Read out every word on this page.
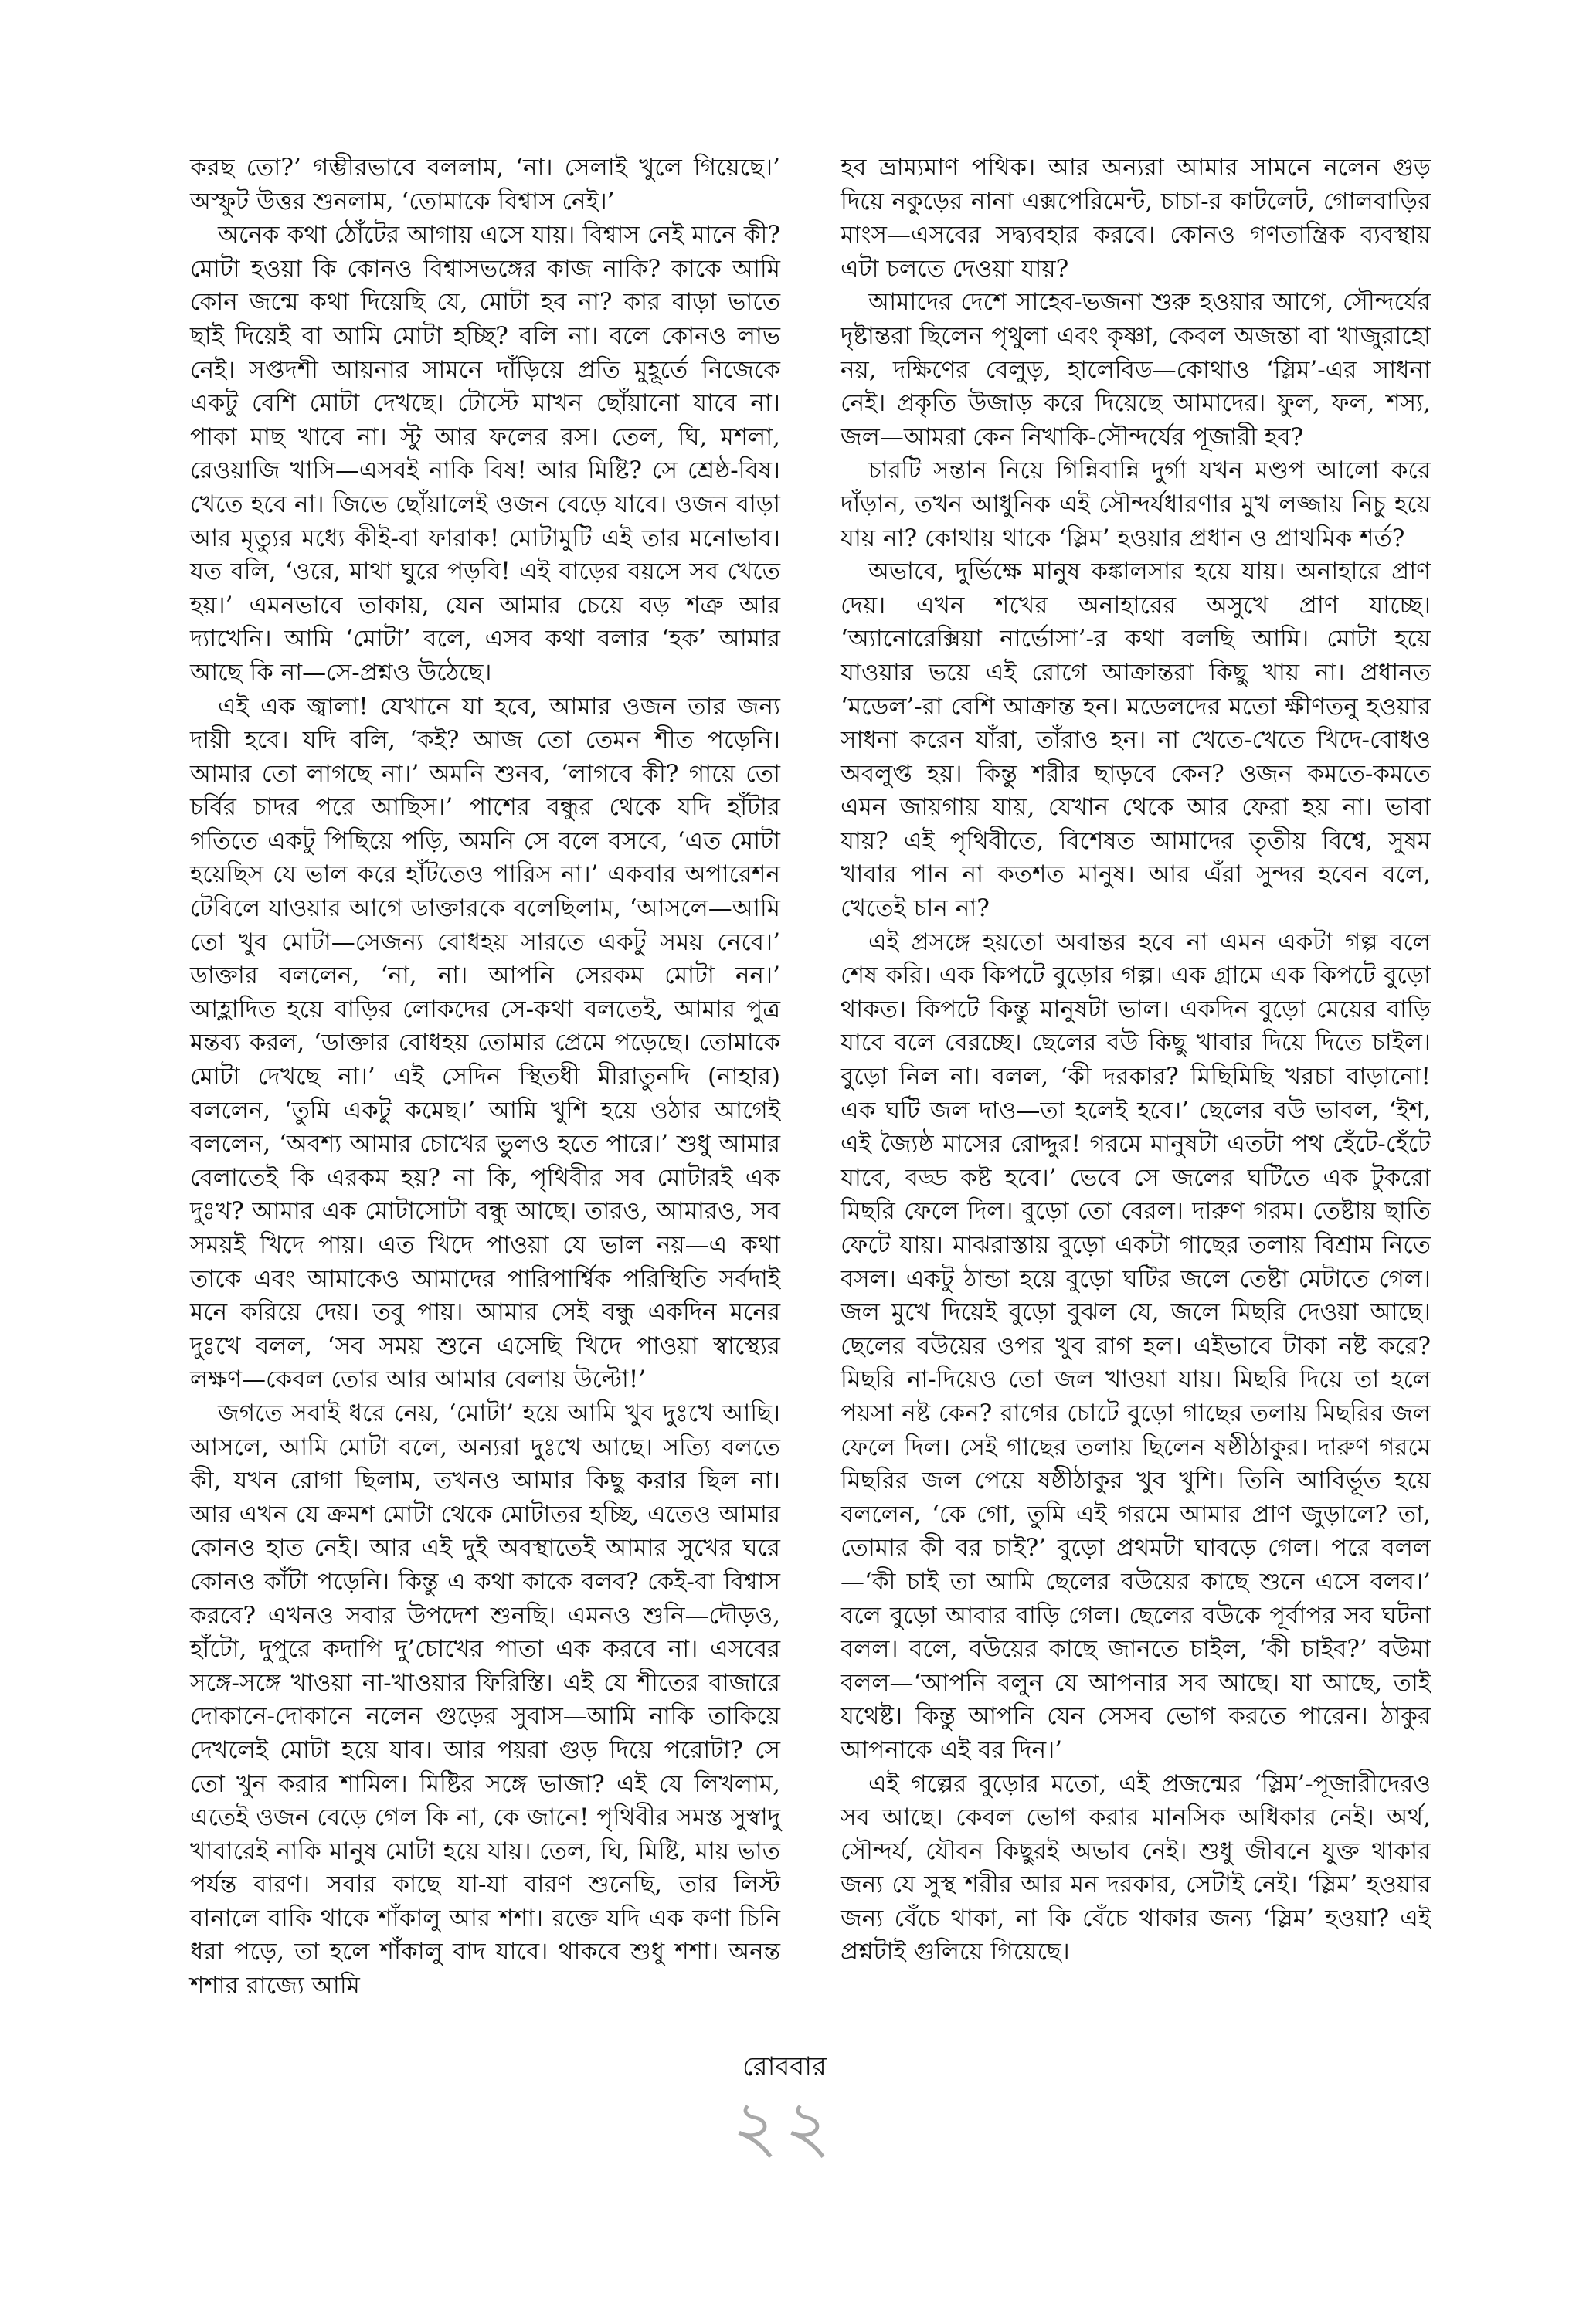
করছ তো?’ গম্ভীরভাবে বললাম, ‘না। সেলাই খুলে গিয়েছে।’ অস্ফুট উত্তর শুনলাম, ‘তোমাকে বিশ্বাস নেই।’

অনেক কথা ঠোঁটের আগায় এসে যায়। বিশ্বাস নেই মানে কী? মোটা হওয়া কি কোনও বিশ্বাসভঙ্গের কাজ নাকি? কাকে আমি কোন জন্মে কথা দিয়েছি যে, মোটা হব না? কার বাড়া ভাতে ছাই দিয়েই বা আমি মোটা হচ্ছি? বলি না। বলে কোনও লাভ নেই। সপ্তদশী আয়নার সামনে দাঁড়িয়ে প্রতি মুহূর্তে নিজেকে একটু বেশি মোটা দেখছে। টোস্টে মাখন ছোঁয়ানো যাবে না। পাকা মাছ খাবে না। স্টু আর ফলের রস। তেল, ঘি, মশলা, রেওয়াজি খাসি—এসবই নাকি বিষ! আর মিষ্টি? সে শ্রেষ্ঠ-বিষ। খেতে হবে না। জিভে ছোঁয়ালেই ওজন বেড়ে যাবে। ওজন বাড়া আর মৃত্যুর মধ্যে কীই-বা ফারাক! মোটামুটি এই তার মনোভাব। যত বলি, ‘ওরে, মাথা ঘুরে পড়বি! এই বাড়ের বয়সে সব খেতে হয়।’ এমনভাবে তাকায়, যেন আমার চেয়ে বড় শত্রু আর দ্যাখেনি। আমি ‘মোটা’ বলে, এসব কথা বলার ‘হক’ আমার আছে কি না—সে-প্রশ্নও উঠেছে।

এই এক জ্বালা! যেখানে যা হবে, আমার ওজন তার জন্য দায়ী হবে। যদি বলি, ‘কই? আজ তো তেমন শীত পড়েনি। আমার তো লাগছে না।’ অমনি শুনব, ‘লাগবে কী? গায়ে তো চর্বির চাদর পরে আছিস।’ পাশের বন্ধুর থেকে যদি হাঁটার গতিতে একটু পিছিয়ে পড়ি, অমনি সে বলে বসবে, ‘এত মোটা হয়েছিস যে ভাল করে হাঁটতেও পারিস না।’ একবার অপারেশন টেবিলে যাওয়ার আগে ডাক্তারকে বলেছিলাম, ‘আসলে—আমি তো খুব মোটা—সেজন্য বোধহয় সারতে একটু সময় নেবে।’ ডাক্তার বললেন, ‘না, না। আপনি সেরকম মোটা নন।’ আহ্লাদিত হয়ে বাড়ির লোকদের সে-কথা বলতেই, আমার পুত্র মন্তব্য করল, ‘ডাক্তার বোধহয় তোমার প্রেমে পড়েছে। তোমাকে মোটা দেখছে না।’ এই সেদিন স্থিতধী মীরাতুনদি (নাহার) বললেন, ‘তুমি একটু কমেছ।’ আমি খুশি হয়ে ওঠার আগেই বললেন, ‘অবশ্য আমার চোখের ভুলও হতে পারে।’ শুধু আমার বেলাতেই কি এরকম হয়? না কি, পৃথিবীর সব মোটারই এক দুঃখ? আমার এক মোটাসোটা বন্ধু আছে। তারও, আমারও, সব সময়ই খিদে পায়। এত খিদে পাওয়া যে ভাল নয়—এ কথা তাকে এবং আমাকেও আমাদের পারিপার্শ্বিক পরিস্থিতি সর্বদাই মনে করিয়ে দেয়। তবু পায়। আমার সেই বন্ধু একদিন মনের দুঃখে বলল, ‘সব সময় শুনে এসেছি খিদে পাওয়া স্বাস্থ্যের লক্ষণ—কেবল তোর আর আমার বেলায় উল্টো!’

জগতে সবাই ধরে নেয়, ‘মোটা’ হয়ে আমি খুব দুঃখে আছি। আসলে, আমি মোটা বলে, অন্যরা দুঃখে আছে। সত্যি বলতে কী, যখন রোগা ছিলাম, তখনও আমার কিছু করার ছিল না। আর এখন যে ক্রমশ মোটা থেকে মোটাতর হচ্ছি, এতেও আমার কোনও হাত নেই। আর এই দুই অবস্থাতেই আমার সুখের ঘরে কোনও কাঁটা পড়েনি। কিন্তু এ কথা কাকে বলব? কেই-বা বিশ্বাস করবে? এখনও সবার উপদেশ শুনছি। এমনও শুনি—দৌড়ও, হাঁটো, দুপুরে কদাপি দু’চোখের পাতা এক করবে না। এসবের সঙ্গে-সঙ্গে খাওয়া না-খাওয়ার ফিরিস্তি। এই যে শীতের বাজারে দোকানে-দোকানে নলেন গুড়ের সুবাস—আমি নাকি তাকিয়ে দেখলেই মোটা হয়ে যাব। আর পয়রা গুড় দিয়ে পরোটা? সে তো খুন করার শামিল। মিষ্টির সঙ্গে ভাজা? এই যে লিখলাম, এতেই ওজন বেড়ে গেল কি না, কে জানে! পৃথিবীর সমস্ত সুস্বাদু খাবারেই নাকি মানুষ মোটা হয়ে যায়। তেল, ঘি, মিষ্টি, মায় ভাত পর্যন্ত বারণ। সবার কাছে যা-যা বারণ শুনেছি, তার লিস্ট বানালে বাকি থাকে শাঁকালু আর শশা। রক্তে যদি এক কণা চিনি ধরা পড়ে, তা হলে শাঁকালু বাদ যাবে। থাকবে শুধু শশা। অনন্ত শশার রাজ্যে আমি

হব ভ্রাম্যমাণ পথিক। আর অন্যরা আমার সামনে নলেন গুড় দিয়ে নকুড়ের নানা এক্সপেরিমেন্ট, চাচা-র কাটলেট, গোলবাড়ির মাংস—এসবের সদ্ব্যবহার করবে। কোনও গণতান্ত্রিক ব্যবস্থায় এটা চলতে দেওয়া যায়?

আমাদের দেশে সাহেব-ভজনা শুরু হওয়ার আগে, সৌন্দর্যের দৃষ্টান্তরা ছিলেন পৃথুলা এবং কৃষ্ণা, কেবল অজন্তা বা খাজুরাহো নয়, দক্ষিণের বেলুড়, হালেবিড—কোথাও ‘স্লিম’-এর সাধনা নেই। প্রকৃতি উজাড় করে দিয়েছে আমাদের। ফুল, ফল, শস্য, জল—আমরা কেন নিখাকি-সৌন্দর্যের পূজারী হব?

চারটি সন্তান নিয়ে গিন্নিবান্নি দুর্গা যখন মণ্ডপ আলো করে দাঁড়ান, তখন আধুনিক এই সৌন্দর্যধারণার মুখ লজ্জায় নিচু হয়ে যায় না? কোথায় থাকে ‘স্লিম’ হওয়ার প্রধান ও প্রাথমিক শর্ত?

অভাবে, দুর্ভিক্ষে মানুষ কঙ্কালসার হয়ে যায়। অনাহারে প্রাণ দেয়। এখন শখের অনাহারের অসুখে প্রাণ যাচ্ছে। ‘অ্যানোরেক্সিয়া নার্ভোসা’-র কথা বলছি আমি। মোটা হয়ে যাওয়ার ভয়ে এই রোগে আক্রান্তরা কিছু খায় না। প্রধানত ‘মডেল’-রা বেশি আক্রান্ত হন। মডেলদের মতো ক্ষীণতনু হওয়ার সাধনা করেন যাঁরা, তাঁরাও হন। না খেতে-খেতে খিদে-বোধও অবলুপ্ত হয়। কিন্তু শরীর ছাড়বে কেন? ওজন কমতে-কমতে এমন জায়গায় যায়, যেখান থেকে আর ফেরা হয় না। ভাবা যায়? এই পৃথিবীতে, বিশেষত আমাদের তৃতীয় বিশ্বে, সুষম খাবার পান না কতশত মানুষ। আর এঁরা সুন্দর হবেন বলে, খেতেই চান না?

এই প্রসঙ্গে হয়তো অবান্তর হবে না এমন একটা গল্প বলে শেষ করি। এক কিপটে বুড়োর গল্প। এক গ্রামে এক কিপটে বুড়ো থাকত। কিপটে কিন্তু মানুষটা ভাল। একদিন বুড়ো মেয়ের বাড়ি যাবে বলে বেরচ্ছে। ছেলের বউ কিছু খাবার দিয়ে দিতে চাইল। বুড়ো নিল না। বলল, ‘কী দরকার? মিছিমিছি খরচা বাড়ানো! এক ঘটি জল দাও—তা হলেই হবে।’ ছেলের বউ ভাবল, ‘ইশ, এই জ্যৈষ্ঠ মাসের রোদ্দুর! গরমে মানুষটা এতটা পথ হেঁটে-হেঁটে যাবে, বড্ড কষ্ট হবে।’ ভেবে সে জলের ঘটিতে এক টুকরো মিছরি ফেলে দিল। বুড়ো তো বেরল। দারুণ গরম। তেষ্টায় ছাতি ফেটে যায়। মাঝরাস্তায় বুড়ো একটা গাছের তলায় বিশ্রাম নিতে বসল। একটু ঠান্ডা হয়ে বুড়ো ঘটির জলে তেষ্টা মেটাতে গেল। জল মুখে দিয়েই বুড়ো বুঝল যে, জলে মিছরি দেওয়া আছে। ছেলের বউয়ের ওপর খুব রাগ হল। এইভাবে টাকা নষ্ট করে? মিছরি না-দিয়েও তো জল খাওয়া যায়। মিছরি দিয়ে তা হলে পয়সা নষ্ট কেন? রাগের চোটে বুড়ো গাছের তলায় মিছরির জল ফেলে দিল। সেই গাছের তলায় ছিলেন ষষ্ঠীঠাকুর। দারুণ গরমে মিছরির জল পেয়ে ষষ্ঠীঠাকুর খুব খুশি। তিনি আবির্ভূত হয়ে বললেন, ‘কে গো, তুমি এই গরমে আমার প্রাণ জুড়ালে? তা, তোমার কী বর চাই?’ বুড়ো প্রথমটা ঘাবড়ে গেল। পরে বলল—‘কী চাই তা আমি ছেলের বউয়ের কাছে শুনে এসে বলব।’ বলে বুড়ো আবার বাড়ি গেল। ছেলের বউকে পূর্বাপর সব ঘটনা বলল। বলে, বউয়ের কাছে জানতে চাইল, ‘কী চাইব?’ বউমা বলল—‘আপনি বলুন যে আপনার সব আছে। যা আছে, তাই যথেষ্ট। কিন্তু আপনি যেন সেসব ভোগ করতে পারেন। ঠাকুর আপনাকে এই বর দিন।’

এই গল্পের বুড়োর মতো, এই প্রজন্মের ‘স্লিম’-পূজারীদেরও সব আছে। কেবল ভোগ করার মানসিক অধিকার নেই। অর্থ, সৌন্দর্য, যৌবন কিছুরই অভাব নেই। শুধু জীবনে যুক্ত থাকার জন্য যে সুস্থ শরীর আর মন দরকার, সেটাই নেই। ‘স্লিম’ হওয়ার জন্য বেঁচে থাকা, না কি বেঁচে থাকার জন্য ‘স্লিম’ হওয়া? এই প্রশ্নটাই গুলিয়ে গিয়েছে।

রোববার
২২
